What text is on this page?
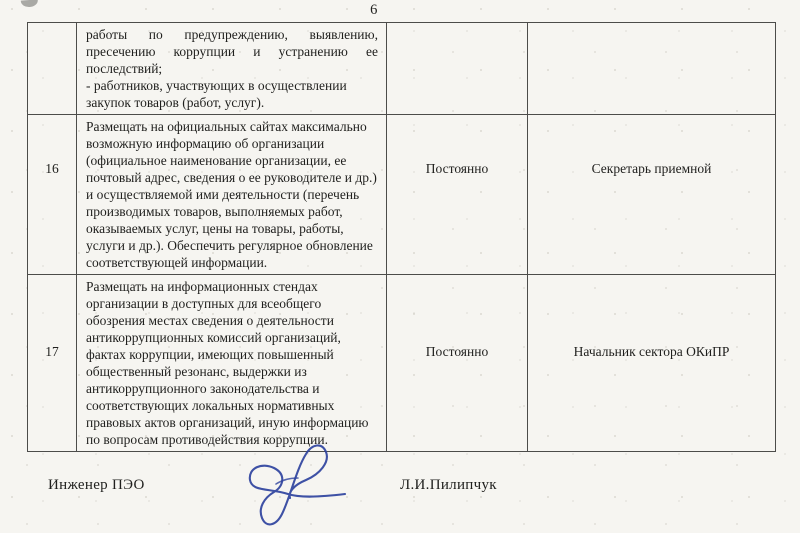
6

	работы по предупреждению, выявлению,
пресечению коррупции и устранению ее
последствий;
- работников, участвующих в осуществлении
закупок товаров (работ, услуг).		

16	Размещать на официальных сайтах максимально возможную информацию об организации (официальное наименование организации, ее почтовый адрес, сведения о ее руководителе и др.) и осуществляемой ими деятельности (перечень производимых товаров, выполняемых работ, оказываемых услуг, цены на товары, работы, услуги и др.). Обеспечить регулярное обновление соответствующей информации.	Постоянно	Секретарь приемной
17	Размещать на информационных стендах организации в доступных для всеобщего обозрения местах сведения о деятельности антикоррупционных комиссий организаций, фактах коррупции, имеющих повышенный общественный резонанс, выдержки из антикоррупционного законодательства и соответствующих локальных нормативных правовых актов организаций, иную информацию по вопросам противодействия коррупции.	Постоянно	Начальник сектора ОКиПР
Инженер ПЭО	Л.И.Пилипчук
